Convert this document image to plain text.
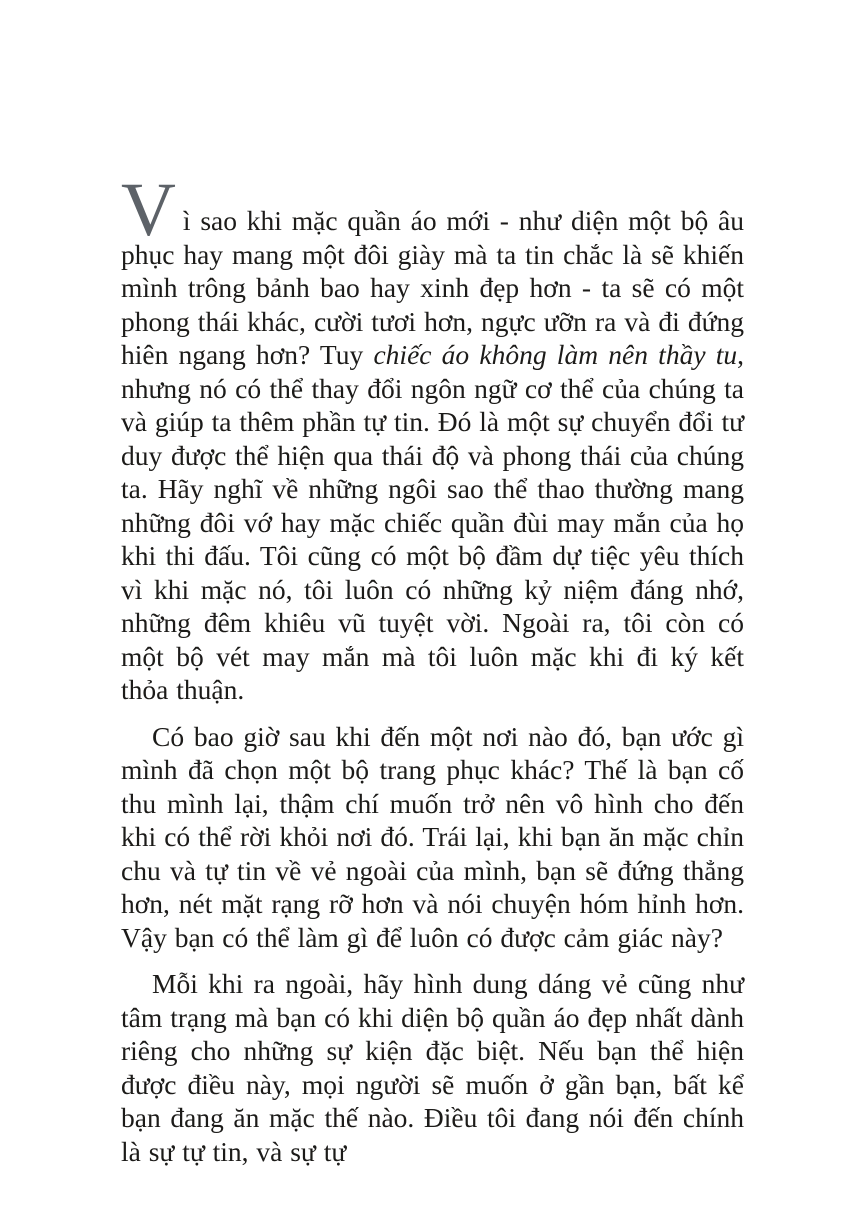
Vì sao khi mặc quần áo mới - như diện một bộ âu phục hay mang một đôi giày mà ta tin chắc là sẽ khiến mình trông bảnh bao hay xinh đẹp hơn - ta sẽ có một phong thái khác, cười tươi hơn, ngực ưỡn ra và đi đứng hiên ngang hơn? Tuy chiếc áo không làm nên thầy tu, nhưng nó có thể thay đổi ngôn ngữ cơ thể của chúng ta và giúp ta thêm phần tự tin. Đó là một sự chuyển đổi tư duy được thể hiện qua thái độ và phong thái của chúng ta. Hãy nghĩ về những ngôi sao thể thao thường mang những đôi vớ hay mặc chiếc quần đùi may mắn của họ khi thi đấu. Tôi cũng có một bộ đầm dự tiệc yêu thích vì khi mặc nó, tôi luôn có những kỷ niệm đáng nhớ, những đêm khiêu vũ tuyệt vời. Ngoài ra, tôi còn có một bộ vét may mắn mà tôi luôn mặc khi đi ký kết thỏa thuận.

Có bao giờ sau khi đến một nơi nào đó, bạn ước gì mình đã chọn một bộ trang phục khác? Thế là bạn cố thu mình lại, thậm chí muốn trở nên vô hình cho đến khi có thể rời khỏi nơi đó. Trái lại, khi bạn ăn mặc chỉn chu và tự tin về vẻ ngoài của mình, bạn sẽ đứng thẳng hơn, nét mặt rạng rỡ hơn và nói chuyện hóm hỉnh hơn. Vậy bạn có thể làm gì để luôn có được cảm giác này?

Mỗi khi ra ngoài, hãy hình dung dáng vẻ cũng như tâm trạng mà bạn có khi diện bộ quần áo đẹp nhất dành riêng cho những sự kiện đặc biệt. Nếu bạn thể hiện được điều này, mọi người sẽ muốn ở gần bạn, bất kể bạn đang ăn mặc thế nào. Điều tôi đang nói đến chính là sự tự tin, và sự tự
